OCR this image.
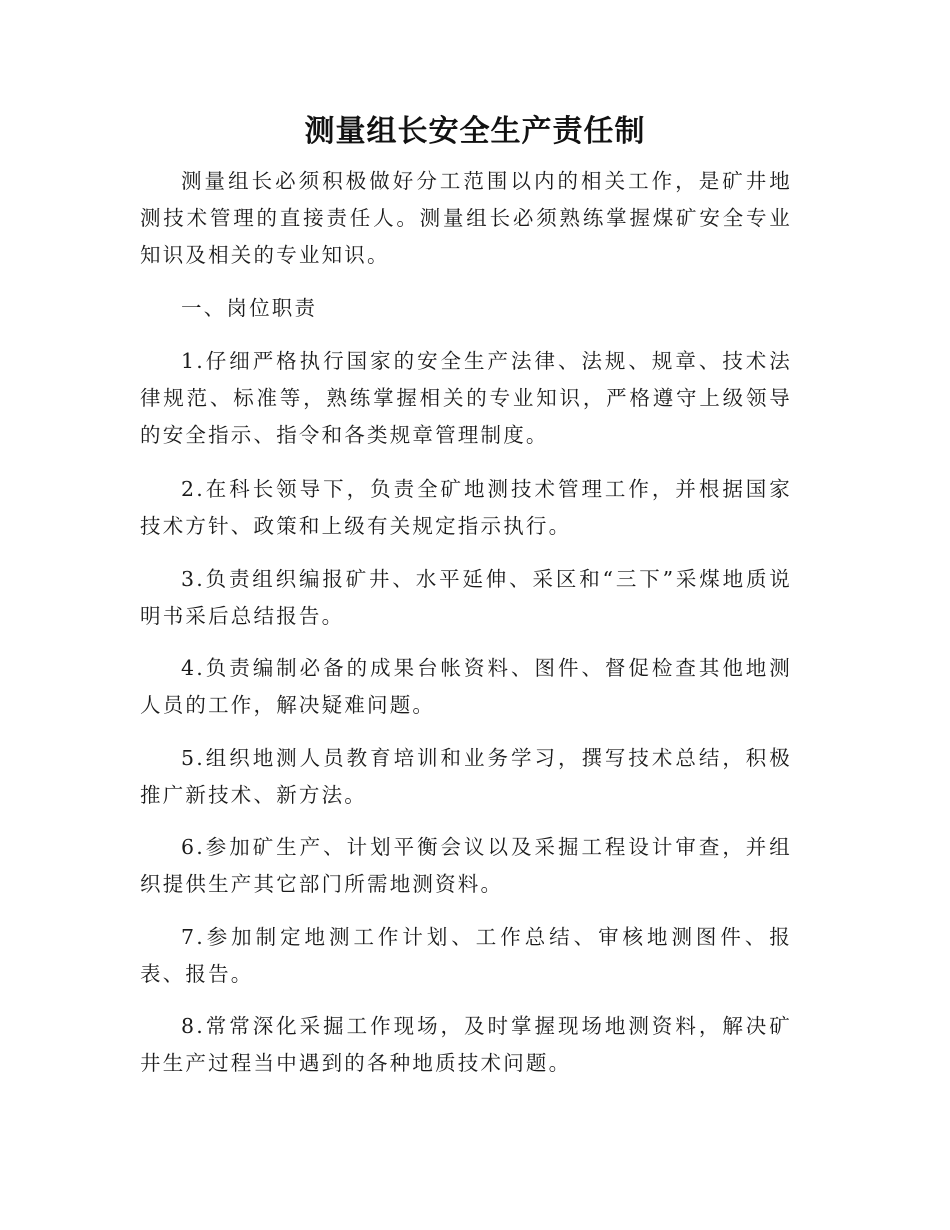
测量组长安全生产责任制

测量组长必须积极做好分工范围以内的相关工作，是矿井地测技术管理的直接责任人。测量组长必须熟练掌握煤矿安全专业知识及相关的专业知识。

一、岗位职责

1.仔细严格执行国家的安全生产法律、法规、规章、技术法律规范、标准等，熟练掌握相关的专业知识，严格遵守上级领导的安全指示、指令和各类规章管理制度。

2.在科长领导下，负责全矿地测技术管理工作，并根据国家技术方针、政策和上级有关规定指示执行。

3.负责组织编报矿井、水平延伸、采区和“三下”采煤地质说明书采后总结报告。

4.负责编制必备的成果台帐资料、图件、督促检查其他地测人员的工作，解决疑难问题。

5.组织地测人员教育培训和业务学习，撰写技术总结，积极推广新技术、新方法。

6.参加矿生产、计划平衡会议以及采掘工程设计审查，并组织提供生产其它部门所需地测资料。

7.参加制定地测工作计划、工作总结、审核地测图件、报表、报告。

8.常常深化采掘工作现场，及时掌握现场地测资料，解决矿井生产过程当中遇到的各种地质技术问题。
